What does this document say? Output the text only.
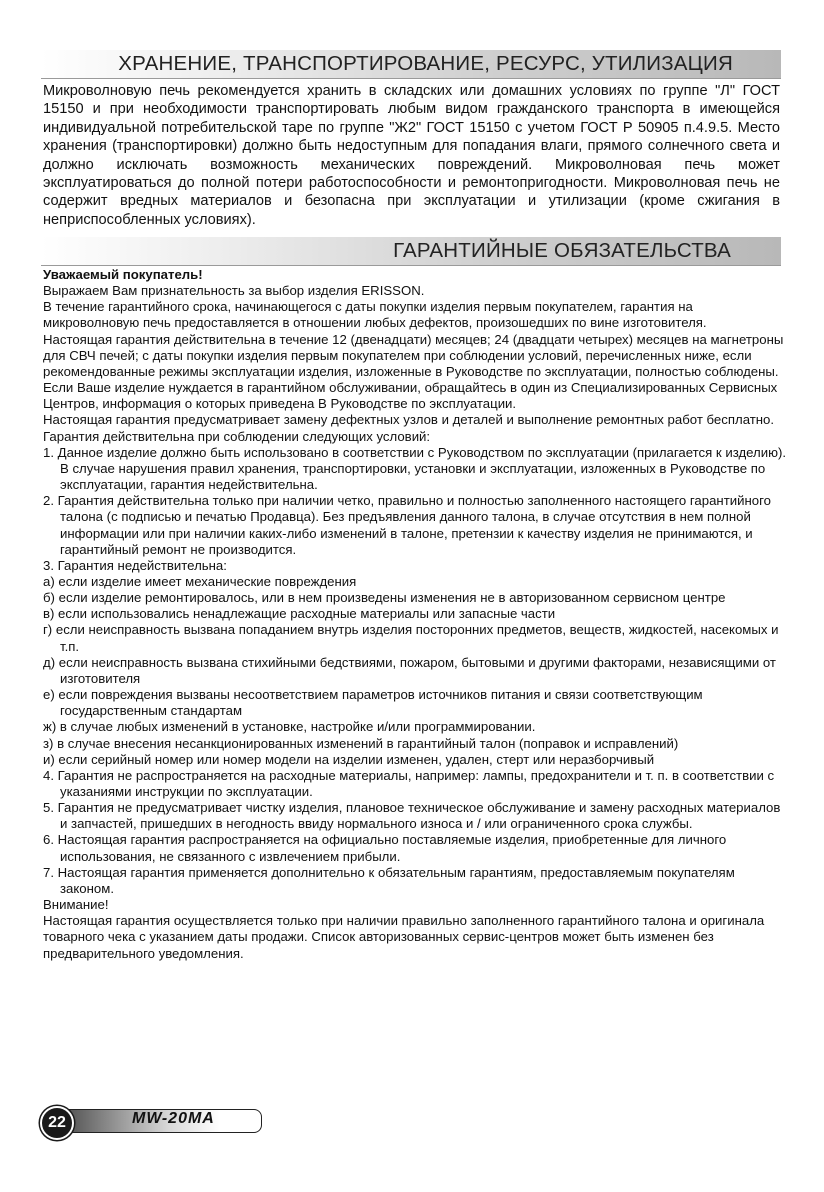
ХРАНЕНИЕ, ТРАНСПОРТИРОВАНИЕ, РЕСУРС, УТИЛИЗАЦИЯ

Микроволновую печь рекомендуется хранить в складских или домашних условиях по группе "Л" ГОСТ 15150 и при необходимости транспортировать любым видом гражданского транспорта в имеющейся индивидуальной потребительской таре по группе "Ж2" ГОСТ 15150 с учетом ГОСТ Р 50905 п.4.9.5. Место хранения (транспортировки) должно быть недоступным для попадания влаги, прямого солнечного света и должно исключать возможность механических повреждений. Микроволновая печь может эксплуатироваться до полной потери работоспособности и ремонтопригодности. Микроволновая печь не содержит вредных материалов и безопасна при эксплуатации и утилизации (кроме сжигания в неприспособленных условиях).

ГАРАНТИЙНЫЕ ОБЯЗАТЕЛЬСТВА

Уважаемый покупатель!

Выражаем Вам признательность за выбор изделия ERISSON.

В течение гарантийного срока, начинающегося с даты покупки изделия первым покупателем, гарантия на микроволновую печь предоставляется в отношении любых дефектов, произошедших по вине изготовителя.

Настоящая гарантия действительна в течение 12 (двенадцати) месяцев; 24 (двадцати четырех) месяцев на магнетроны для СВЧ печей; с даты покупки изделия первым покупателем при соблюдении условий, перечисленных ниже, если рекомендованные режимы эксплуатации изделия, изложенные в Руководстве по эксплуатации, полностью соблюдены.

Если Ваше изделие нуждается в гарантийном обслуживании, обращайтесь в один из Специализированных Сервисных Центров, информация о которых приведена В Руководстве по эксплуатации.

Настоящая гарантия предусматривает замену дефектных узлов и деталей и выполнение ремонтных работ бесплатно.

Гарантия действительна при соблюдении следующих условий:

1. Данное изделие должно быть использовано в соответствии с Руководством по эксплуатации (прилагается к изделию). В случае нарушения правил хранения, транспортировки, установки и эксплуатации, изложенных в Руководстве по эксплуатации, гарантия недействительна.

2. Гарантия действительна только при наличии четко, правильно и полностью заполненного настоящего гарантийного талона (с подписью и печатью Продавца). Без предъявления данного талона, в случае отсутствия в нем полной информации или при наличии каких-либо изменений в талоне, претензии к качеству изделия не принимаются, и гарантийный ремонт не производится.

3. Гарантия недействительна:

а) если изделие имеет механические повреждения

б) если изделие ремонтировалось, или в нем произведены изменения не в авторизованном сервисном центре

в) если использовались ненадлежащие расходные материалы или запасные части

г) если неисправность вызвана попаданием внутрь изделия посторонних предметов, веществ, жидкостей, насекомых и т.п.

д) если неисправность вызвана стихийными бедствиями, пожаром, бытовыми и другими факторами, независящими от изготовителя

е) если повреждения вызваны несоответствием параметров источников питания и связи соответствующим государственным стандартам

ж) в случае любых изменений в установке, настройке и/или программировании.

з) в случае внесения несанкционированных изменений в гарантийный талон (поправок и исправлений)

и) если серийный номер или номер модели на изделии изменен, удален, стерт или неразборчивый

4. Гарантия не распространяется на расходные материалы, например: лампы, предохранители и т. п. в соответствии с указаниями инструкции по эксплуатации.

5. Гарантия не предусматривает чистку изделия, плановое техническое обслуживание и замену расходных материалов и запчастей, пришедших в негодность ввиду нормального износа и / или ограниченного срока службы.

6. Настоящая гарантия распространяется на официально поставляемые изделия, приобретенные для личного использования, не связанного с извлечением прибыли.

7. Настоящая гарантия применяется дополнительно к обязательным гарантиям, предоставляемым покупателям законом.

Внимание!

Настоящая гарантия осуществляется только при наличии правильно заполненного гарантийного талона и оригинала товарного чека с указанием даты продажи. Список авторизованных сервис-центров может быть изменен без предварительного уведомления.

22	MW-20MA
